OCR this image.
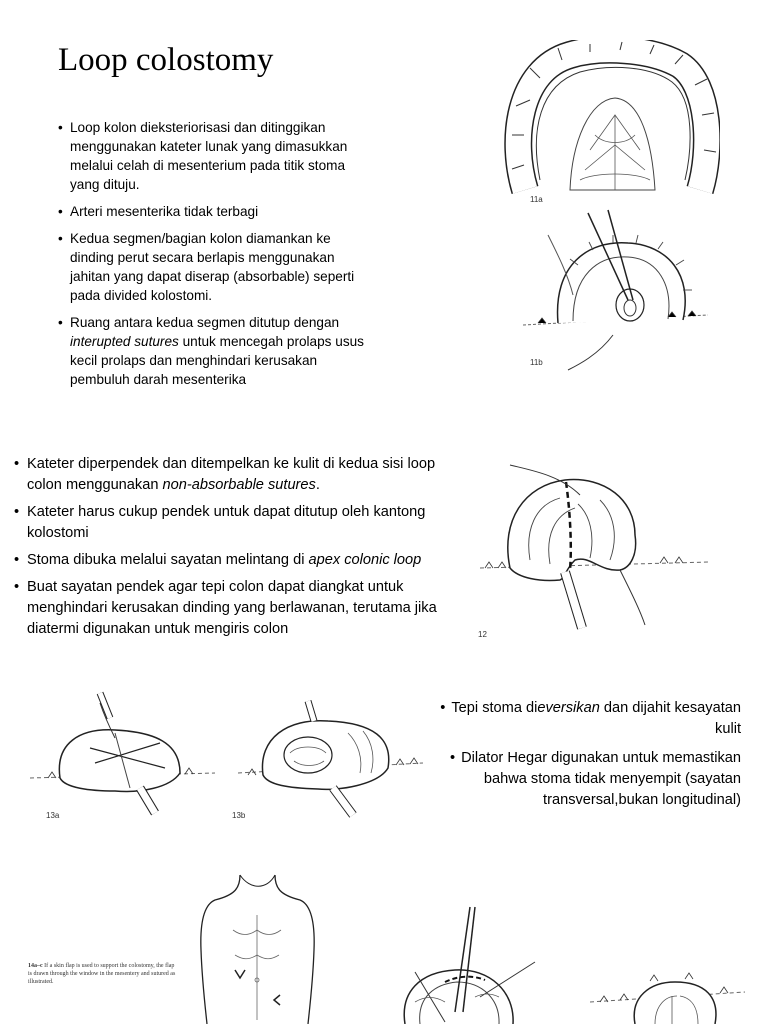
Loop colostomy
• Loop kolon dieksteriorisasi dan ditinggikan menggunakan kateter lunak yang dimasukkan melalui celah di mesenterium pada titik stoma yang dituju.
• Arteri mesenterika tidak terbagi
• Kedua segmen/bagian kolon diamankan ke dinding perut secara berlapis menggunakan jahitan yang dapat diserap (absorbable) seperti pada divided kolostomi.
• Ruang antara kedua segmen ditutup dengan interupted sutures untuk mencegah prolaps usus kecil prolaps dan menghindari kerusakan pembuluh darah mesenterika
11a
11b
• Kateter diperpendek dan ditempelkan ke kulit di kedua sisi loop colon menggunakan non-absorbable sutures.
• Kateter harus cukup pendek untuk dapat ditutup oleh kantong kolostomi
• Stoma dibuka melalui sayatan melintang di apex colonic loop
• Buat sayatan pendek agar tepi colon dapat diangkat untuk menghindari kerusakan dinding yang berlawanan, terutama jika diatermi digunakan untuk mengiris colon	12
13a	13b
• Tepi stoma dieversikan dan dijahit kesayatan kulit
• Dilator Hegar digunakan untuk memastikan bahwa stoma tidak menyempit (sayatan transversal,bukan longitudinal)
14a–c If a skin flap is used to support the colostomy, the flap is drawn through the window in the mesentery and sutured as illustrated.
